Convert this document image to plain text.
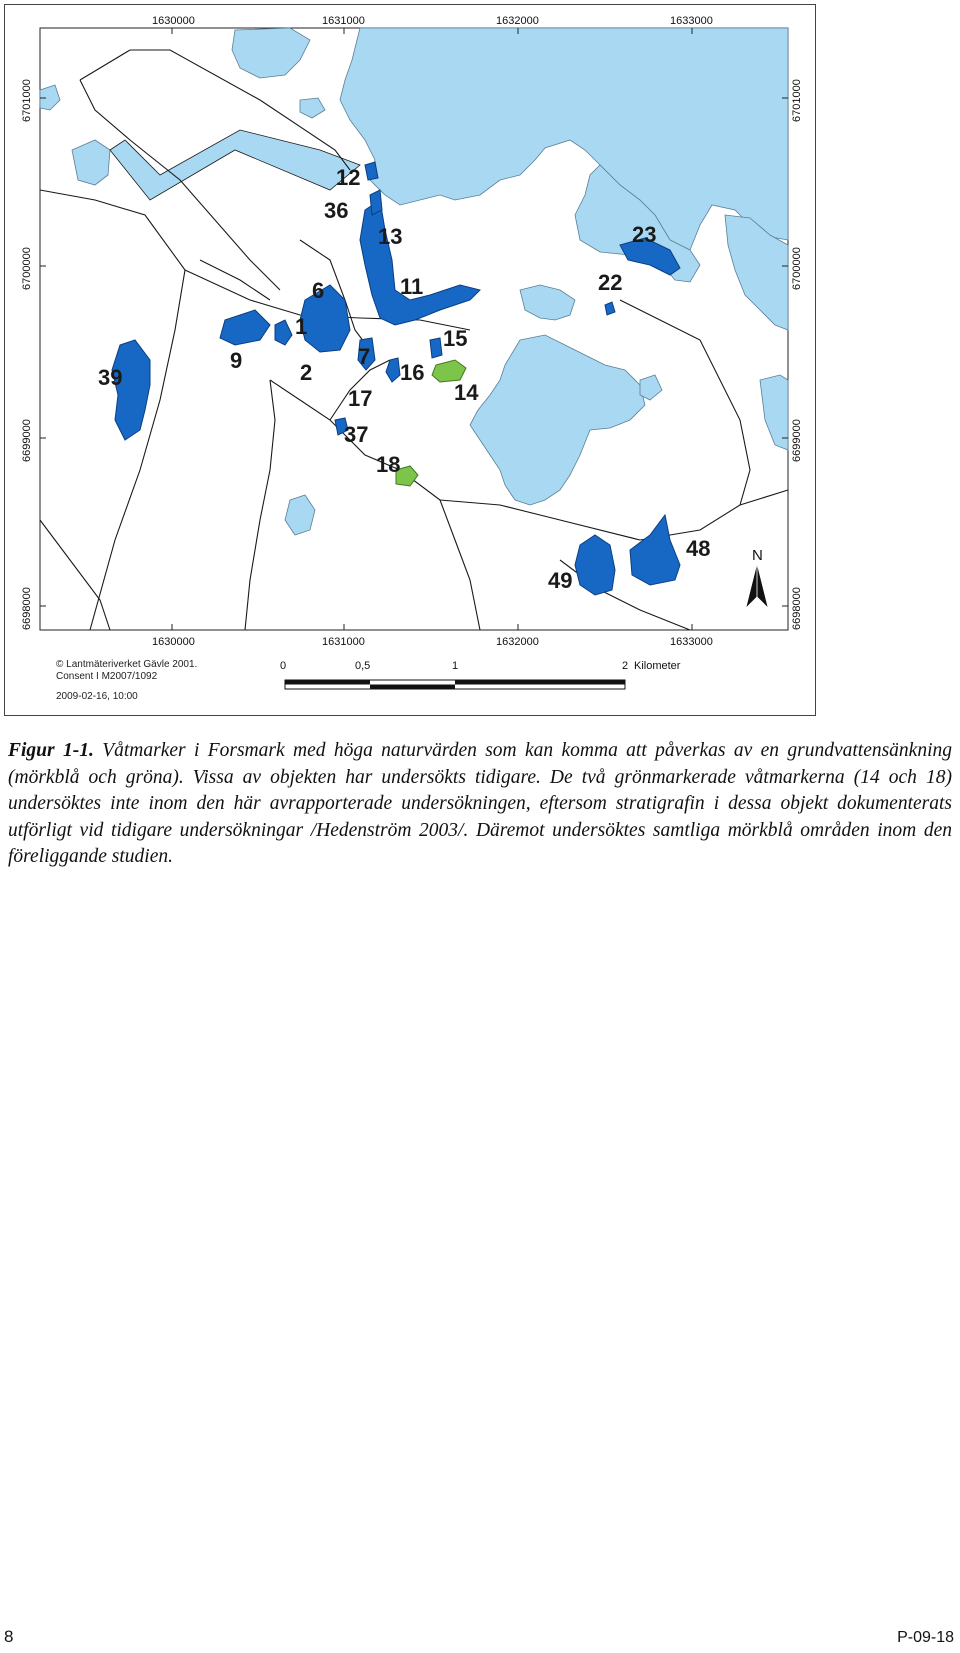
12
36
13
11
6
1
9	2
7
15
16
14
17
37
18
39
23
22
48
49
1630000	1631000	1632000	1633000
1630000	1631000	1632000	1633000
6701000
6700000
6699000
6698000
6701000
6700000
6699000
6698000
N
© Lantmäteriverket Gävle 2001.
Consent I M2007/1092
2009-02-16, 10:00
0	0,5	1	2 Kilometer
Figur 1-1. Våtmarker i Forsmark med höga naturvärden som kan komma att påverkas av en grundvattensänkning (mörkblå och gröna). Vissa av objekten har undersökts tidigare. De två grönmarkerade våtmarkerna (14 och 18) undersöktes inte inom den här avrapporterade undersökningen, eftersom stratigrafin i dessa objekt dokumenterats utförligt vid tidigare undersökningar /Hedenström 2003/. Däremot undersöktes samtliga mörkblå områden inom den föreliggande studien.
8	P-09-18
